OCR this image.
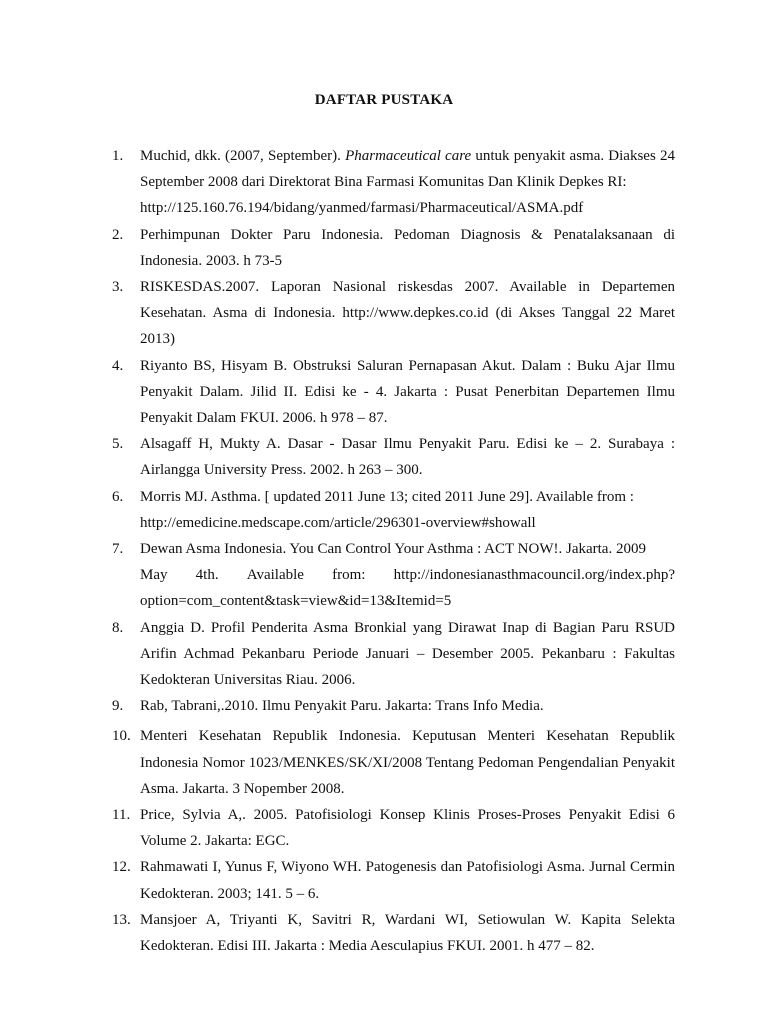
DAFTAR PUSTAKA
1. Muchid, dkk. (2007, September). Pharmaceutical care untuk penyakit asma. Diakses 24 September 2008 dari Direktorat Bina Farmasi Komunitas Dan Klinik Depkes RI:
http://125.160.76.194/bidang/yanmed/farmasi/Pharmaceutical/ASMA.pdf
2. Perhimpunan Dokter Paru Indonesia. Pedoman Diagnosis & Penatalaksanaan di Indonesia. 2003. h 73-5
3. RISKESDAS.2007. Laporan Nasional riskesdas 2007. Available in Departemen Kesehatan. Asma di Indonesia. http://www.depkes.co.id (di Akses Tanggal 22 Maret 2013)
4. Riyanto BS, Hisyam B. Obstruksi Saluran Pernapasan Akut. Dalam : Buku Ajar Ilmu Penyakit Dalam. Jilid II. Edisi ke - 4. Jakarta : Pusat Penerbitan Departemen Ilmu Penyakit Dalam FKUI. 2006. h 978 – 87.
5. Alsagaff H, Mukty A. Dasar - Dasar Ilmu Penyakit Paru. Edisi ke – 2. Surabaya : Airlangga University Press. 2002. h 263 – 300.
6. Morris MJ. Asthma. [ updated 2011 June 13; cited 2011 June 29]. Available from :
http://emedicine.medscape.com/article/296301-overview#showall
7. Dewan Asma Indonesia. You Can Control Your Asthma : ACT NOW!. Jakarta. 2009
May 4th. Available from: http://indonesianasthmacouncil.org/index.php?
option=com_content&task=view&id=13&Itemid=5
8. Anggia D. Profil Penderita Asma Bronkial yang Dirawat Inap di Bagian Paru RSUD Arifin Achmad Pekanbaru Periode Januari – Desember 2005. Pekanbaru : Fakultas Kedokteran Universitas Riau. 2006.
9. Rab, Tabrani,.2010. Ilmu Penyakit Paru. Jakarta: Trans Info Media.
10. Menteri Kesehatan Republik Indonesia. Keputusan Menteri Kesehatan Republik Indonesia Nomor 1023/MENKES/SK/XI/2008 Tentang Pedoman Pengendalian Penyakit Asma. Jakarta. 3 Nopember 2008.
11. Price, Sylvia A,. 2005. Patofisiologi Konsep Klinis Proses-Proses Penyakit Edisi 6 Volume 2. Jakarta: EGC.
12. Rahmawati I, Yunus F, Wiyono WH. Patogenesis dan Patofisiologi Asma. Jurnal Cermin Kedokteran. 2003; 141. 5 – 6.
13. Mansjoer A, Triyanti K, Savitri R, Wardani WI, Setiowulan W. Kapita Selekta Kedokteran. Edisi III. Jakarta : Media Aesculapius FKUI. 2001. h 477 – 82.
